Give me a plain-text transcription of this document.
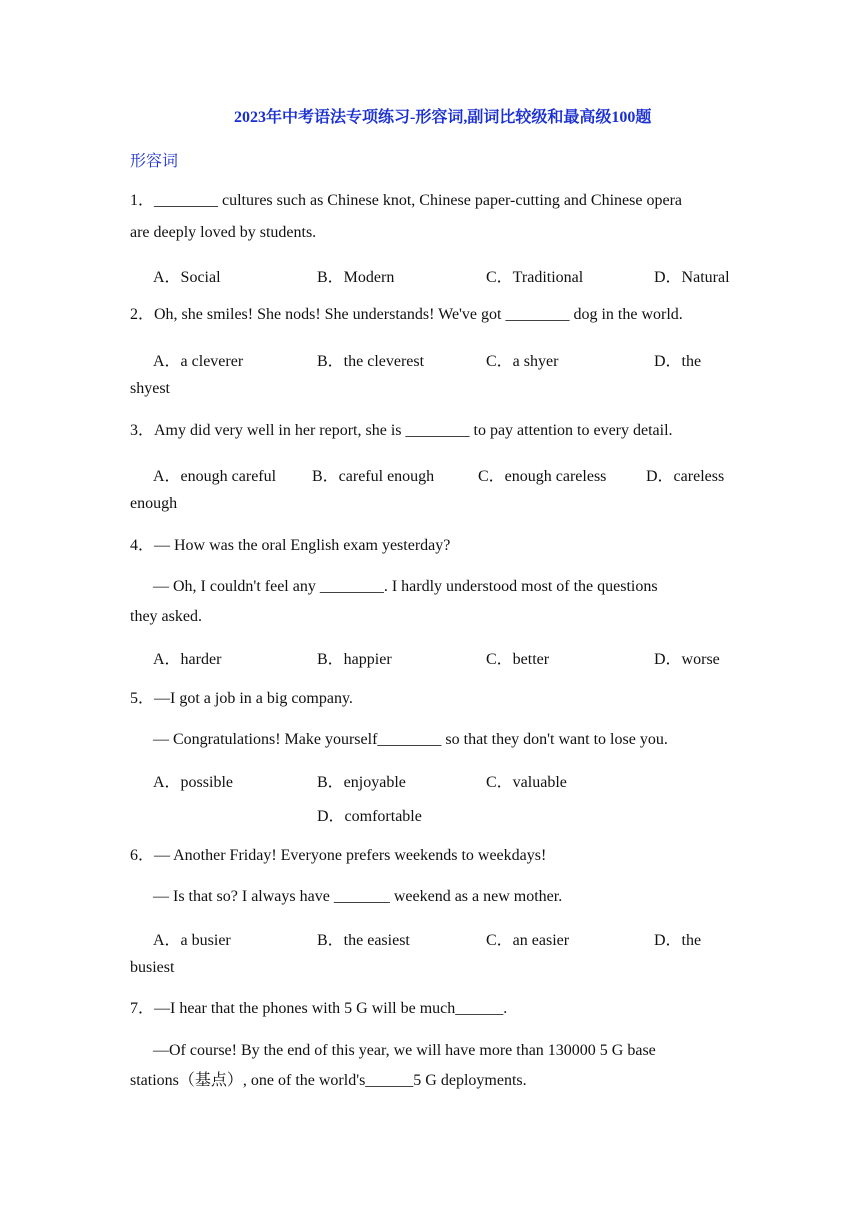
2023年中考语法专项练习-形容词,副词比较级和最高级100题
形容词
1．________ cultures such as Chinese knot, Chinese paper-cutting and Chinese opera
are deeply loved by students.
A．Social	B．Modern	C．Traditional	D．Natural
2．Oh, she smiles! She nods! She understands! We've got ________ dog in the world.
A．a cleverer	B．the cleverest	C．a shyer	D．the
shyest
3．Amy did very well in her report, she is ________ to pay attention to every detail.
A．enough careful B．careful enough	C．enough careless D．careless
enough
4．— How was the oral English exam yesterday?
— Oh, I couldn't feel any ________. I hardly understood most of the questions
they asked.
A．harder	B．happier	C．better	D．worse
5．—I got a job in a big company.
— Congratulations! Make yourself________ so that they don't want to lose you.
A．possible	B．enjoyable	C．valuable
D．comfortable
6．— Another Friday! Everyone prefers weekends to weekdays!
— Is that so? I always have _______ weekend as a new mother.
A．a busier	B．the easiest	C．an easier	D．the
busiest
7．—I hear that the phones with 5 G will be much______.
—Of course! By the end of this year, we will have more than 130000 5 G base
stations（基点）, one of the world's______5 G deployments.
